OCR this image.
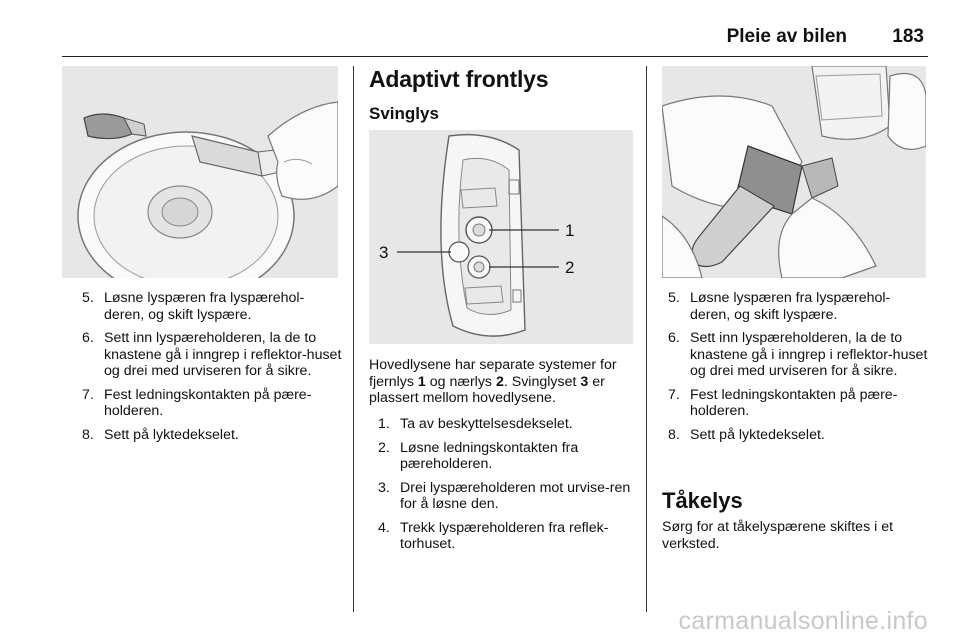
Pleie av bilen 183
5. Løsne lyspæren fra lyspærehol-deren, og skift lyspære.
6. Sett inn lyspæreholderen, la de to knastene gå i inngrep i reflektor-huset og drei med urviseren for å sikre.
7. Fest ledningskontakten på pære-holderen.
8. Sett på lyktedekselet.
Adaptivt frontlys
Svinglys
1
2
3
Hovedlysene har separate systemer for fjernlys 1 og nærlys 2. Svinglyset 3 er plassert mellom hovedlysene.
1. Ta av beskyttelsesdekselet.
2. Løsne ledningskontakten fra pæreholderen.
3. Drei lyspæreholderen mot urvise-ren for å løsne den.
4. Trekk lyspæreholderen fra reflek-torhuset.
5. Løsne lyspæren fra lyspærehol-deren, og skift lyspære.
6. Sett inn lyspæreholderen, la de to knastene gå i inngrep i reflektor-huset og drei med urviseren for å sikre.
7. Fest ledningskontakten på pære-holderen.
8. Sett på lyktedekselet.
Tåkelys
Sørg for at tåkelyspærene skiftes i et verksted.
carmanualsonline.info
